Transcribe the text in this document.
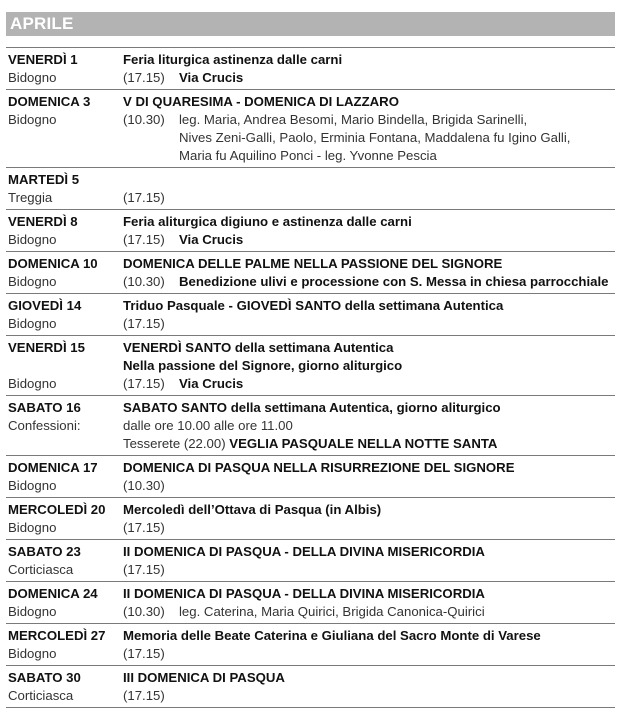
APRILE
VENERDÌ 1	Feria liturgica astinenza dalle carni
Bidogno	(17.15) Via Crucis
DOMENICA 3	V DI QUARESIMA - DOMENICA DI LAZZARO
Bidogno	(10.30) leg. Maria, Andrea Besomi, Mario Bindella, Brigida Sarinelli,
Nives Zeni-Galli, Paolo, Erminia Fontana, Maddalena fu Igino Galli,
Maria fu Aquilino Ponci - leg. Yvonne Pescia
MARTEDÌ 5
Treggia	(17.15)
VENERDÌ 8	Feria aliturgica digiuno e astinenza dalle carni
Bidogno	(17.15) Via Crucis
DOMENICA 10	DOMENICA DELLE PALME NELLA PASSIONE DEL SIGNORE
Bidogno	(10.30) Benedizione ulivi e processione con S. Messa in chiesa parrocchiale
GIOVEDÌ 14	Triduo Pasquale - GIOVEDÌ SANTO della settimana Autentica
Bidogno	(17.15)
VENERDÌ 15	VENERDÌ SANTO della settimana Autentica
Nella passione del Signore, giorno aliturgico
Bidogno	(17.15) Via Crucis
SABATO 16	SABATO SANTO della settimana Autentica, giorno aliturgico
Confessioni:	dalle ore 10.00 alle ore 11.00
Tesserete (22.00) VEGLIA PASQUALE NELLA NOTTE SANTA
DOMENICA 17	DOMENICA DI PASQUA NELLA RISURREZIONE DEL SIGNORE
Bidogno	(10.30)
MERCOLEDÌ 20	Mercoledì dell’Ottava di Pasqua (in Albis)
Bidogno	(17.15)
SABATO 23	II DOMENICA DI PASQUA - DELLA DIVINA MISERICORDIA
Corticiasca	(17.15)
DOMENICA 24	II DOMENICA DI PASQUA - DELLA DIVINA MISERICORDIA
Bidogno	(10.30) leg. Caterina, Maria Quirici, Brigida Canonica-Quirici
MERCOLEDÌ 27	Memoria delle Beate Caterina e Giuliana del Sacro Monte di Varese
Bidogno	(17.15)
SABATO 30	III DOMENICA DI PASQUA
Corticiasca	(17.15)
